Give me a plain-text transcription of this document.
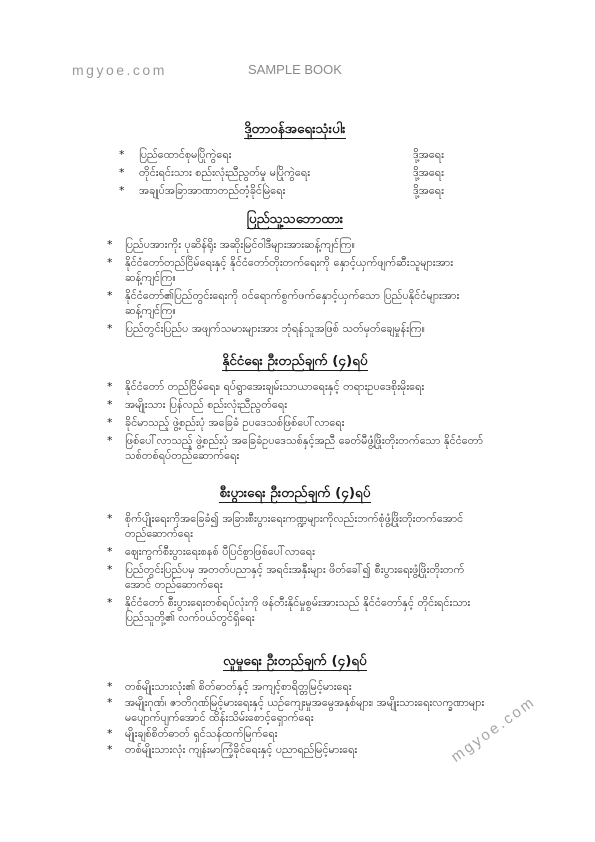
mgyoe.com	SAMPLE BOOK
mgyoe.com
ဒို့တာဝန်အရေးသုံးပါး
* ပြည်ထောင်စုမပြိုကွဲရေး	ဒို့အရေး
* တိုင်းရင်းသား စည်းလုံးညီညွတ်မှု မပြိုကွဲရေး	ဒို့အရေး
* အချုပ်အခြာအာဏာတည်တံ့ခိုင်မြဲရေး	ဒို့အရေး
ပြည်သူ့သဘောထား
* ပြည်ပအားကိုး ပုဆိန်ရိုး အဆိုးမြင်ဝါဒီများအားဆန့်ကျင်ကြ။
* နိုင်ငံတော်တည်ငြိမ်ရေးနှင့် နိုင်ငံတော်တိုးတက်ရေးကို နှောင့်ယှက်ဖျက်ဆီးသူများအား ဆန့်ကျင်ကြ။
* နိုင်ငံတော်၏ပြည်တွင်းရေးကို ဝင်ရောက်စွက်ဖက်နှောင့်ယှက်သော ပြည်ပနိုင်ငံများအား ဆန့်ကျင်ကြ။
* ပြည်တွင်းပြည်ပ အဖျက်သမားများအား ဘုံရန်သူအဖြစ် သတ်မှတ်ချေမှုန်းကြ။
နိုင်ငံရေး ဦးတည်ချက် (၄)ရပ်
* နိုင်ငံတော် တည်ငြိမ်ရေး၊ ရပ်ရွာအေးချမ်းသာယာရေးနှင့် တရားဥပဒေစိုးမိုးရေး
* အမျိုးသား ပြန်လည် စည်းလုံးညီညွတ်ရေး
* ခိုင်မာသည့် ဖွဲ့စည်းပုံ အခြေခံ ဥပဒေသစ်ဖြစ်ပေါ်လာရေး
* ဖြစ်ပေါ်လာသည့် ဖွဲ့စည်းပုံ အခြေခံဥပဒေသစ်နှင့်အညီ ခေတ်မီဖွံ့ဖြိုးတိုးတက်သော နိုင်ငံတော်သစ်တစ်ရပ်တည်ဆောက်ရေး
စီးပွားရေး ဦးတည်ချက် (၄)ရပ်
* စိုက်ပျိုးရေးကိုအခြေခံ၍ အခြားစီးပွားရေးကဏ္ဍများကိုလည်းဘက်စုံဖွံ့ဖြိုးတိုးတက်အောင် တည်ဆောက်ရေး
* ဈေးကွက်စီးပွားရေးစနစ် ပီပြင်စွာဖြစ်ပေါ်လာရေး
* ပြည်တွင်းပြည်ပမှ အတတ်ပညာနှင့် အရင်းအနှီးများ ဖိတ်ခေါ်၍ စီးပွားရေးဖွံ့ဖြိုးတိုးတက်အောင် တည်ဆောက်ရေး
* နိုင်ငံတော် စီးပွားရေးတစ်ရပ်လုံးကို ဖန်တီးနိုင်မှုစွမ်းအားသည် နိုင်ငံတော်နှင့် တိုင်းရင်းသား ပြည်သူတို့၏ လက်ဝယ်တွင်ရှိရေး
လူမှုရေး ဦးတည်ချက် (၄)ရပ်
* တစ်မျိုးသားလုံး၏ စိတ်ဓာတ်နှင့် အကျင့်စာရိတ္တမြင့်မားရေး
* အမျိုးဂုဏ်၊ ဇာတိဂုဏ်မြင့်မားရေးနှင့် ယဉ်ကျေးမှုအမွေအနှစ်များ၊ အမျိုးသားရေးလက္ခဏာများ မပျောက်ပျက်အောင် ထိန်းသိမ်းစောင့်ရှောက်ရေး
* မျိုးချစ်စိတ်ဓာတ် ရှင်သန်ထက်မြက်ရေး
* တစ်မျိုးသားလုံး ကျန်းမာကြံ့ခိုင်ရေးနှင့် ပညာရည်မြင့်မားရေး
